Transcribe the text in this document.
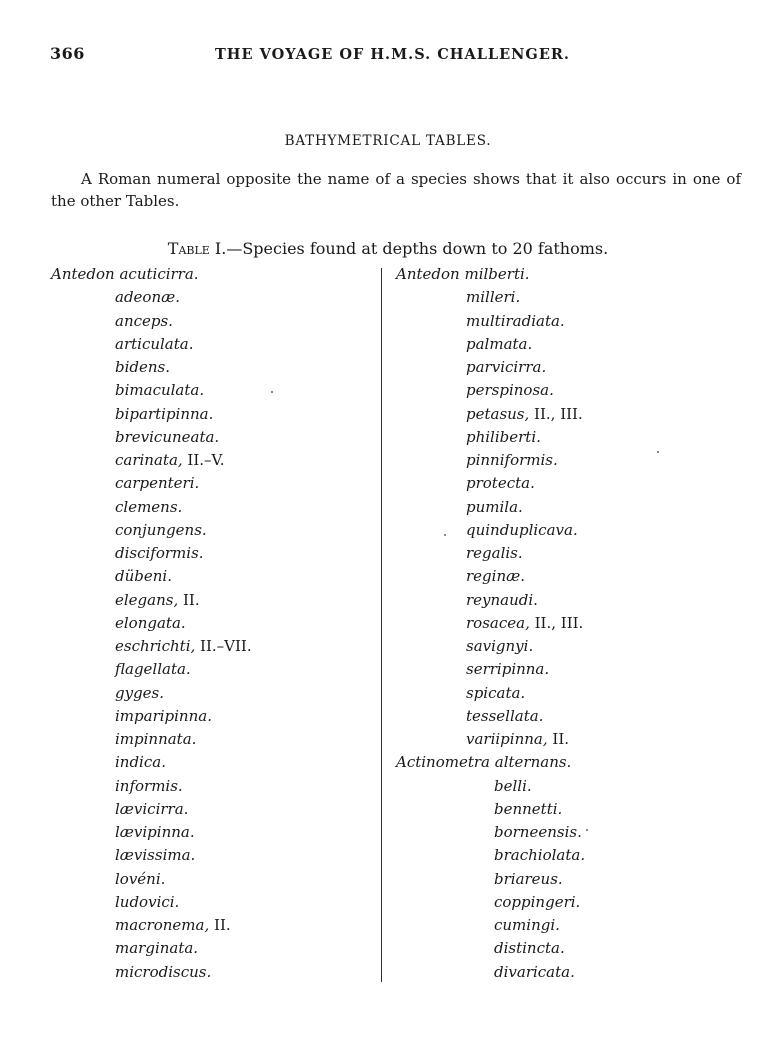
366	THE VOYAGE OF H.M.S. CHALLENGER.
BATHYMETRICAL TABLES.
A Roman numeral opposite the name of a species shows that it also occurs in one of the other Tables.
Table I.—Species found at depths down to 20 fathoms.
Antedon acuticirra.
adeonæ.
anceps.
articulata.
bidens.
bimaculata.
bipartipinna.
brevicuneata.
carinata, II.–V.
carpenteri.
clemens.
conjungens.
disciformis.
dübeni.
elegans, II.
elongata.
eschrichti, II.–VII.
flagellata.
gyges.
imparipinna.
impinnata.
indica.
informis.
lævicirra.
lævipinna.
lævissima.
lovéni.
ludovici.
macronema, II.
marginata.
microdiscus.
Antedon milberti.
milleri.
multiradiata.
palmata.
parvicirra.
perspinosa.
petasus, II., III.
philiberti.
pinniformis.
protecta.
pumila.
quinduplicava.
regalis.
reginæ.
reynaudi.
rosacea, II., III.
savignyi.
serripinna.
spicata.
tessellata.
variipinna, II.
Actinometra alternans.
belli.
bennetti.
borneensis.
brachiolata.
briareus.
coppingeri.
cumingi.
distincta.
divaricata.
